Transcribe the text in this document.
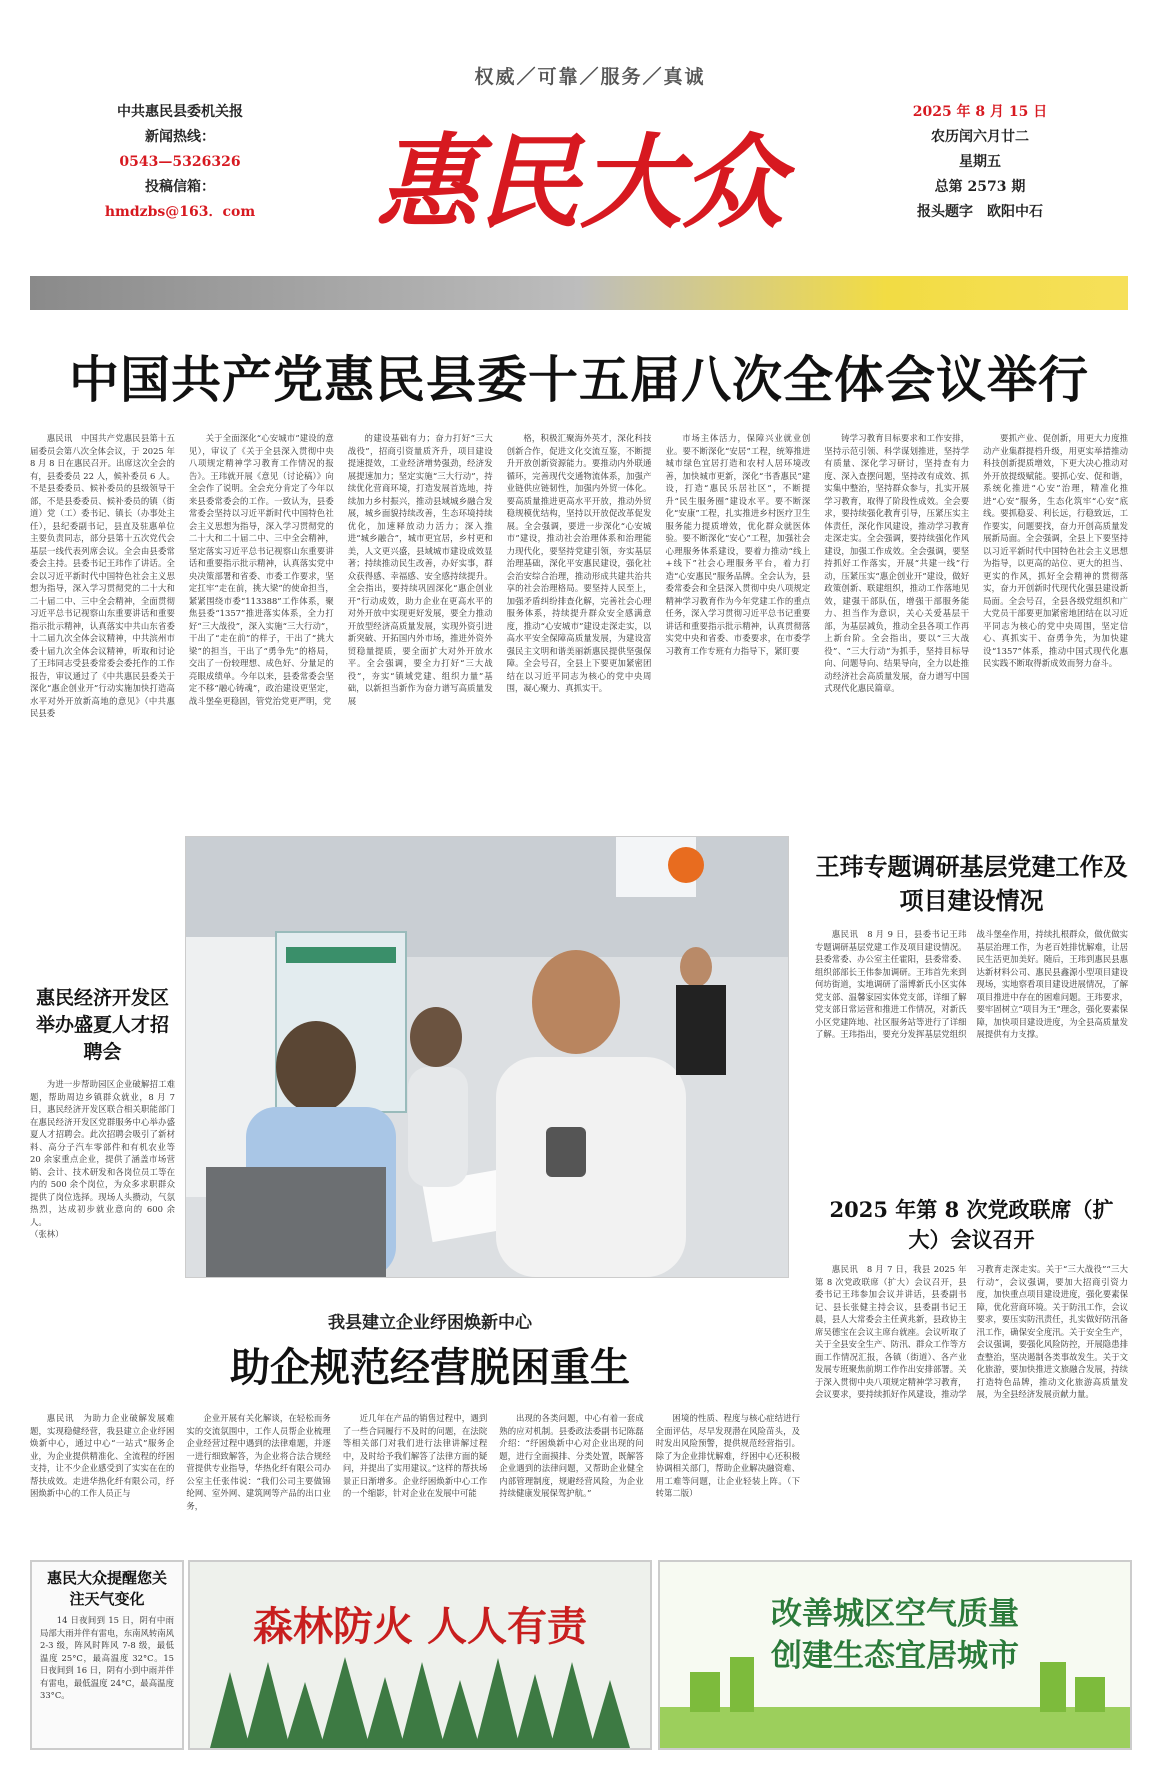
权威／可靠／服务／真诚
中共惠民县委机关报
新闻热线：
0543—5326326
投稿信箱：
hmdzbs@163．com 惠民大众
2025 年 8 月 15 日
农历闰六月廿二
星期五
总第 2573 期
报头题字　欧阳中石
中国共产党惠民县委十五届八次全体会议举行
惠民讯　中国共产党惠民县第十五届委员会第八次全体会议，于 2025 年 8 月 8 日在惠民召开。出席这次全会的有，县委委员 22 人，候补委员 6 人。不是县委委员、候补委员的县级领导干部，不是县委委员、候补委员的镇（街道）党（工）委书记、镇长（办事处主任），县纪委副书记，县直及驻惠单位主要负责同志，部分县第十五次党代会基层一线代表列席会议。全会由县委常委会主持。县委书记王玮作了讲话。全会以习近平新时代中国特色社会主义思想为指导，深入学习贯彻党的二十大和二十届二中、三中全会精神，全面贯彻习近平总书记视察山东重要讲话和重要指示批示精神，认真落实中共山东省委十二届九次全体会议精神，中共滨州市委十届九次全体会议精神，听取和讨论了王玮同志受县委常委会委托作的工作报告，审议通过了《中共惠民县委关于深化“惠企创业开”行动实施加快打造高水平对外开放新高地的意见》（中共惠民县委
关于全面深化“心安城市”建设的意见），审议了《关于全县深入贯彻中央八项规定精神学习教育工作情况的报告》。王玮就开展《意见（讨论稿）》向全会作了说明。全会充分肯定了今年以来县委常委会的工作。一致认为，县委常委会坚持以习近平新时代中国特色社会主义思想为指导，深入学习贯彻党的二十大和二十届二中、三中全会精神，坚定落实习近平总书记视察山东重要讲话和重要指示批示精神，认真落实党中央决策部署和省委、市委工作要求，坚定扛牢“走在前，挑大梁”的使命担当，紧紧围绕市委“113388”工作体系，聚焦县委“1357”推进落实体系，全力打好“三大战役”，深入实施“三大行动”，干出了“走在前”的样子，干出了“挑大梁”的担当，干出了“勇争先”的格局，交出了一份较理想、成色好、分量足的亮眼成绩单。今年以来，县委常委会坚定不移“融心铸魂”，政治建设更坚定，战斗堡垒更稳固，管党治党更严明，党
的建设基础有力；奋力打好“三大战役”，招商引资量质齐升，项目建设提速提效，工业经济增势强劲，经济发展提速加力；坚定实施“三大行动”，持续优化营商环境，打造发展首选地，持续加力乡村振兴，推动县域城乡融合发展，城乡面貌持续改善，生态环境持续优化，加速释放动力活力；深入推进“城乡融合”，城市更宜居，乡村更和美，人文更兴盛，县域城市建设成效显著；持续推动民生改善，办好实事，群众获得感、幸福感、安全感持续提升。全会指出，要持续巩固深化“惠企创业开”行动成效，助力企业在更高水平的对外开放中实现更好发展，要全力推动开放型经济高质量发展，实现外资引进新突破、开拓国内外市场，推进外资外贸稳量提质，要全面扩大对外开放水平。全会强调，要全力打好“三大战役”，夯实“镇域党建、组织力量”基础，以新担当新作为奋力谱写高质量发展
格，积极汇聚海外英才，深化科技创新合作，促进文化交流互鉴，不断提升开放创新资源能力。要推动内外联通循环，完善现代交通物流体系，加强产业链供应链韧性，加强内外贸一体化。要高质量推进更高水平开放，推动外贸稳规模优结构，坚持以开放促改革促发展。全会强调，要进一步深化“心安城市”建设，推动社会治理体系和治理能力现代化，要坚持党建引领，夯实基层治理基础，深化平安惠民建设，强化社会治安综合治理，推动形成共建共治共享的社会治理格局。要坚持人民至上，加强矛盾纠纷排查化解，完善社会心理服务体系，持续提升群众安全感满意度，推动“心安城市”建设走深走实，以高水平安全保障高质量发展，为建设富强民主文明和谐美丽新惠民提供坚强保障。全会号召，全县上下要更加紧密团结在以习近平同志为核心的党中央周围，凝心聚力、真抓实干。
市场主体活力，保障兴业就业创业。要不断深化“安居”工程，统筹推进城市绿色宜居打造和农村人居环境改善，加快城市更新，深化“书香惠民”建设，打造“惠民乐居社区”，不断提升“民生服务圈”建设水平。要不断深化“安康”工程，扎实推进乡村医疗卫生服务能力提质增效，优化群众就医体验。要不断深化“安心”工程，加强社会心理服务体系建设，要着力推动“线上+线下”社会心理服务平台，着力打造“心安惠民”服务品牌。全会认为，县委常委会和全县深入贯彻中央八项规定精神学习教育作为今年党建工作的重点任务，深入学习贯彻习近平总书记重要讲话和重要指示批示精神，认真贯彻落实党中央和省委、市委要求，在市委学习教育工作专班有力指导下，紧盯要
铸学习教育目标要求和工作安排，坚持示范引领、科学谋划推进，坚持学有质量、深化学习研讨，坚持查有力度、深入查摆问题，坚持改有成效、抓实集中整治，坚持群众参与，扎实开展学习教育，取得了阶段性成效。全会要求，要持续强化教育引导，压紧压实主体责任，深化作风建设，推动学习教育走深走实。全会强调，要持续强化作风建设，加强工作成效。全会强调，要坚持抓好工作落实，开展“共建一线”行动，压紧压实“惠企创业开”建设，做好政策创新、联建组织，推动工作落地见效，建强干部队伍，增强干部服务能力、担当作为意识，关心关爱基层干部，为基层减负，推动全县各项工作再上新台阶。全会指出，要以“三大战役”、“三大行动”为抓手，坚持目标导向、问题导向、结果导向，全力以赴推动经济社会高质量发展，奋力谱写中国式现代化惠民篇章。
要抓产业、促创新，用更大力度推动产业集群提档升级，用更实举措推动科技创新提质增效，下更大决心推动对外开放提级赋能。要抓心安、促和谐，系统化推进“心安”治理，精准化推进“心安”服务，生态化筑牢“心安”底线。要抓稳妥、利长远，行稳致远，工作要实，问题要找，奋力开创高质量发展新局面。全会强调，全县上下要坚持以习近平新时代中国特色社会主义思想为指导，以更高的站位、更大的担当、更实的作风，抓好全会精神的贯彻落实，奋力开创新时代现代化强县建设新局面。全会号召，全县各级党组织和广大党员干部要更加紧密地团结在以习近平同志为核心的党中央周围，坚定信心、真抓实干、奋勇争先，为加快建设“1357”体系，推动中国式现代化惠民实践不断取得新成效而努力奋斗。
惠民经济开发区举办盛夏人才招聘会
为进一步帮助园区企业破解招工难题，帮助周边乡镇群众就业，8 月 7 日，惠民经济开发区联合相关职能部门在惠民经济开发区党群服务中心举办盛夏人才招聘会。此次招聘会吸引了新材料、高分子汽车零部件和有机农业等 20 余家重点企业，提供了涵盖市场营销、会计、技术研发和各岗位员工等在内的 500 余个岗位，为众多求职群众提供了岗位选择。现场人头攒动，气氛热烈，达成初步就业意向的 600 余人。
（张林）
王玮专题调研基层党建工作及项目建设情况
惠民讯　8 月 9 日，县委书记王玮专题调研基层党建工作及项目建设情况。县委常委、办公室主任霍阳，县委常委、组织部部长王伟参加调研。王玮首先来到何坊街道，实地调研了淄博新氏小区实体党支部、温馨家园实体党支部，详细了解党支部日常运营和推进工作情况，对新氏小区党建阵地、社区服务站等进行了详细了解。王玮指出，要充分发挥基层党组织战斗堡垒作用，持续扎根群众，做优做实基层治理工作，为老百姓排忧解难，让居民生活更加美好。随后，王玮到惠民县惠达新材料公司、惠民县鑫源小型项目建设现场，实地察看项目建设进展情况，了解项目推进中存在的困难问题。王玮要求，要牢固树立“项目为王”理念，强化要素保障，加快项目建设进度，为全县高质量发展提供有力支撑。
2025 年第 8 次党政联席（扩大）会议召开
惠民讯　8 月 7 日，我县 2025 年第 8 次党政联席（扩大）会议召开，县委书记王玮参加会议并讲话，县委副书记、县长张健主持会议，县委副书记王晨，县人大常委会主任黄兆新，县政协主席吴德宝在会议主席台就座。会议听取了关于全县安全生产、防汛、群众工作等方面工作情况汇报，各镇（街道）、各产业发展专班聚焦前期工作作出安排部署。关于深入贯彻中央八项规定精神学习教育，会议要求，要持续抓好作风建设，推动学习教育走深走实。关于“三大战役”“三大行动”，会议强调，要加大招商引资力度，加快重点项目建设进度，强化要素保障，优化营商环境。关于防汛工作，会议要求，要压实防汛责任，扎实做好防汛备汛工作，确保安全度汛。关于安全生产，会议强调，要强化风险防控，开展隐患排查整治，坚决遏制各类事故发生。关于文化旅游，要加快推进文旅融合发展，持续打造特色品牌，推动文化旅游高质量发展，为全县经济发展贡献力量。
我县建立企业纾困焕新中心
助企规范经营脱困重生
惠民讯　为助力企业破解发展难题，实现稳健经营，我县建立企业纾困焕新中心，通过中心“一站式”服务企业，为企业提供精准化、全流程的纾困支持，让不少企业感受到了实实在在的帮扶成效。走进华热化纤有限公司，纾困焕新中心的工作人员正与
企业开展有关化解谈，在轻松而务实的交流氛围中，工作人员帮企业梳理企业经营过程中遇到的法律难题，并逐一进行细致解答，为企业将合法合规经营提供专业指导，华热化纤有限公司办公室主任张伟说：“我们公司主要做锦纶网、室外网、建筑网等产品的出口业务，
近几年在产品的销售过程中，遇到了一些合同履行不及时的问题，在法院等相关部门对我们进行法律讲解过程中，及时给予我们解答了法律方面的疑问，并提出了实用建议。”这样的帮扶场景正日渐增多。企业纾困焕新中心工作的一个缩影，针对企业在发展中可能
出现的各类问题，中心有着一套成熟的应对机制。县委政法委副书记陈磊介绍：“纾困焕新中心对企业出现的问题，进行全面摸排、分类处置，既解答企业遇到的法律问题，又帮助企业健全内部管理制度，规避经营风险，为企业持续健康发展保驾护航。”
困境的性质、程度与核心症结进行全面评估，尽早发现潜在风险苗头，及时发出风险预警，提供规范经营指引。除了为企业排忧解难，纾困中心还积极协调相关部门，帮助企业解决融资难、用工难等问题，让企业轻装上阵。（下转第二版）
惠民大众提醒您关注天气变化
14 日夜间到 15 日，阴有中雨局部大雨并伴有雷电，东南风转南风 2-3 级，阵风时阵风 7-8 级，最低温度 25°C，最高温度 32°C。15 日夜间到 16 日，阴有小到中雨并伴有雷电，最低温度 24°C，最高温度 33°C。
森林防火 人人有责	改善城区空气质量
创建生态宜居城市
